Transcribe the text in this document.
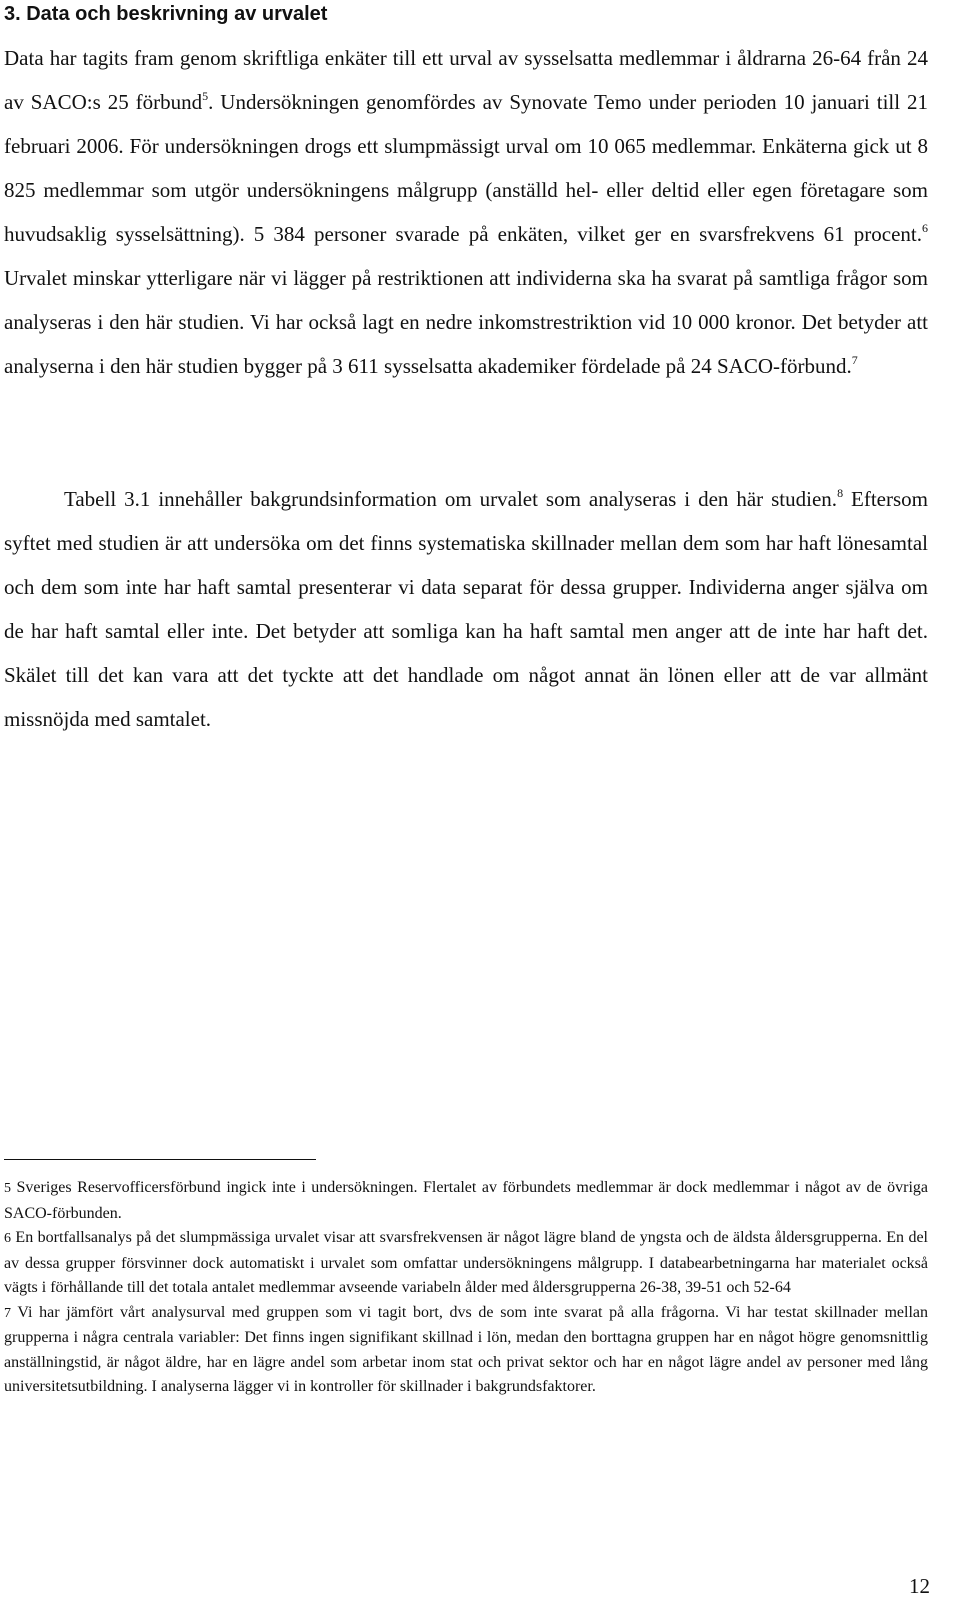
3. Data och beskrivning av urvalet

Data har tagits fram genom skriftliga enkäter till ett urval av sysselsatta medlemmar i åldrarna 26-64 från 24 av SACO:s 25 förbund$^5$. Undersökningen genomfördes av Synovate Temo under perioden 10 januari till 21 februari 2006. För undersökningen drogs ett slumpmässigt urval om 10 065 medlemmar. Enkäterna gick ut 8 825 medlemmar som utgör undersökningens målgrupp (anställd hel- eller deltid eller egen företagare som huvudsaklig sysselsättning). 5 384 personer svarade på enkäten, vilket ger en svarsfrekvens 61 procent.$^6$ Urvalet minskar ytterligare när vi lägger på restriktionen att individerna ska ha svarat på samtliga frågor som analyseras i den här studien. Vi har också lagt en nedre inkomstrestriktion vid 10 000 kronor. Det betyder att analyserna i den här studien bygger på 3 611 sysselsatta akademiker fördelade på 24 SACO-förbund.$^7$

Tabell 3.1 innehåller bakgrundsinformation om urvalet som analyseras i den här studien.$^8$ Eftersom syftet med studien är att undersöka om det finns systematiska skillnader mellan dem som har haft lönesamtal och dem som inte har haft samtal presenterar vi data separat för dessa grupper. Individerna anger själva om de har haft samtal eller inte. Det betyder att somliga kan ha haft samtal men anger att de inte har haft det. Skälet till det kan vara att det tyckte att det handlade om något annat än lönen eller att de var allmänt missnöjda med samtalet.

5 Sveriges Reservofficersförbund ingick inte i undersökningen. Flertalet av förbundets medlemmar är dock medlemmar i något av de övriga SACO-förbunden.

6 En bortfallsanalys på det slumpmässiga urvalet visar att svarsfrekvensen är något lägre bland de yngsta och de äldsta åldersgrupperna. En del av dessa grupper försvinner dock automatiskt i urvalet som omfattar undersökningens målgrupp. I databearbetningarna har materialet också vägts i förhållande till det totala antalet medlemmar avseende variabeln ålder med åldersgrupperna 26-38, 39-51 och 52-64

7 Vi har jämfört vårt analysurval med gruppen som vi tagit bort, dvs de som inte svarat på alla frågorna. Vi har testat skillnader mellan grupperna i några centrala variabler: Det finns ingen signifikant skillnad i lön, medan den borttagna gruppen har en något högre genomsnittlig anställningstid, är något äldre, har en lägre andel som arbetar inom stat och privat sektor och har en något lägre andel av personer med lång universitetsutbildning. I analyserna lägger vi in kontroller för skillnader i bakgrundsfaktorer.

12
